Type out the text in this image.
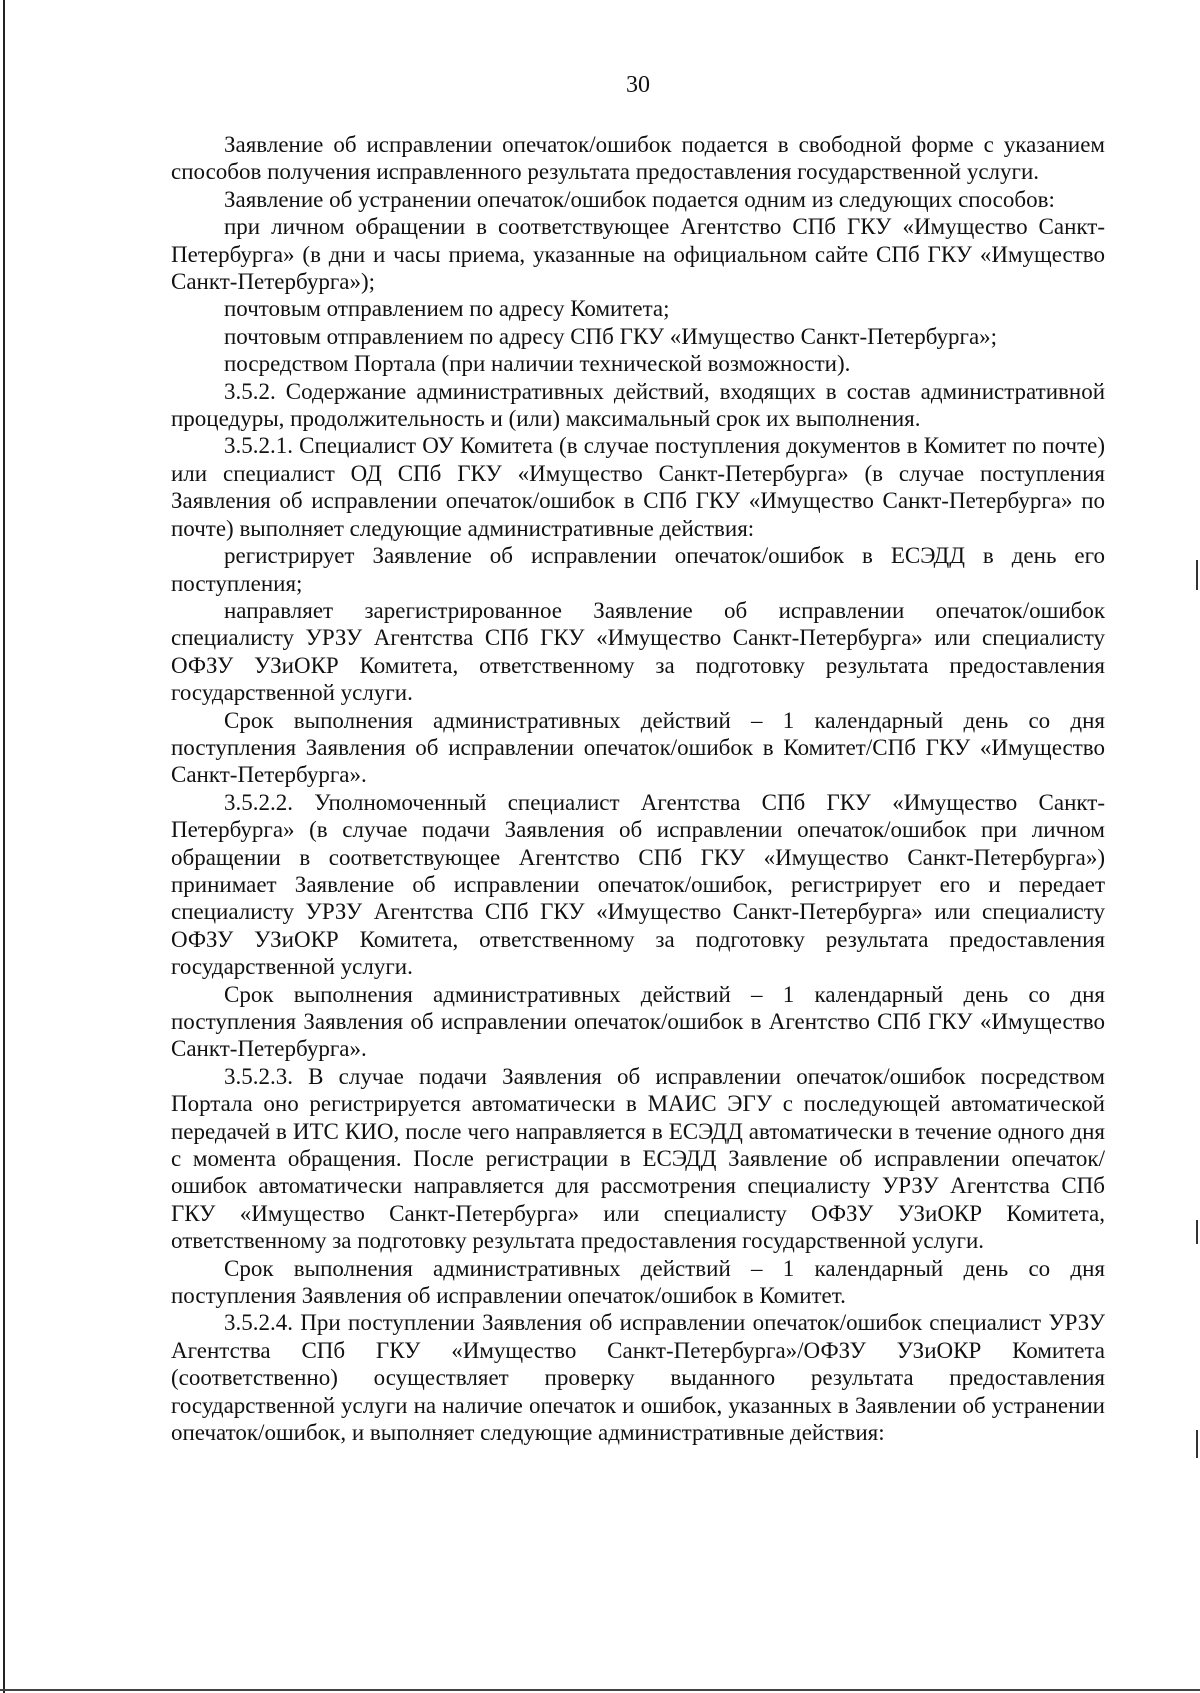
30

Заявление об исправлении опечаток/ошибок подается в свободной форме с указанием способов получения исправленного результата предоставления государственной услуги.

Заявление об устранении опечаток/ошибок подается одним из следующих способов:

при личном обращении в соответствующее Агентство СПб ГКУ «Имущество Санкт-Петербурга» (в дни и часы приема, указанные на официальном сайте СПб ГКУ «Имущество Санкт-Петербурга»);

почтовым отправлением по адресу Комитета;

почтовым отправлением по адресу СПб ГКУ «Имущество Санкт-Петербурга»;

посредством Портала (при наличии технической возможности).

3.5.2. Содержание административных действий, входящих в состав административной процедуры, продолжительность и (или) максимальный срок их выполнения.

3.5.2.1. Специалист ОУ Комитета (в случае поступления документов в Комитет по почте) или специалист ОД СПб ГКУ «Имущество Санкт-Петербурга» (в случае поступления Заявления об исправлении опечаток/ошибок в СПб ГКУ «Имущество Санкт-Петербурга» по почте) выполняет следующие административные действия:

регистрирует Заявление об исправлении опечаток/ошибок в ЕСЭДД в день его поступления;

направляет зарегистрированное Заявление об исправлении опечаток/ошибок специалисту УРЗУ Агентства СПб ГКУ «Имущество Санкт-Петербурга» или специалисту ОФЗУ УЗиОКР Комитета, ответственному за подготовку результата предоставления государственной услуги.

Срок выполнения административных действий – 1 календарный день со дня поступления Заявления об исправлении опечаток/ошибок в Комитет/СПб ГКУ «Имущество Санкт-Петербурга».

3.5.2.2. Уполномоченный специалист Агентства СПб ГКУ «Имущество Санкт-Петербурга» (в случае подачи Заявления об исправлении опечаток/ошибок при личном обращении в соответствующее Агентство СПб ГКУ «Имущество Санкт-Петербурга») принимает Заявление об исправлении опечаток/ошибок, регистрирует его и передает специалисту УРЗУ Агентства СПб ГКУ «Имущество Санкт-Петербурга» или специалисту ОФЗУ УЗиОКР Комитета, ответственному за подготовку результата предоставления государственной услуги.

Срок выполнения административных действий – 1 календарный день со дня поступления Заявления об исправлении опечаток/ошибок в Агентство СПб ГКУ «Имущество Санкт-Петербурга».

3.5.2.3. В случае подачи Заявления об исправлении опечаток/ошибок посредством Портала оно регистрируется автоматически в МАИС ЭГУ с последующей автоматической передачей в ИТС КИО, после чего направляется в ЕСЭДД автоматически в течение одного дня с момента обращения. После регистрации в ЕСЭДД Заявление об исправлении опечаток/ошибок автоматически направляется для рассмотрения специалисту УРЗУ Агентства СПб ГКУ «Имущество Санкт-Петербурга» или специалисту ОФЗУ УЗиОКР Комитета, ответственному за подготовку результата предоставления государственной услуги.

Срок выполнения административных действий – 1 календарный день со дня поступления Заявления об исправлении опечаток/ошибок в Комитет.

3.5.2.4. При поступлении Заявления об исправлении опечаток/ошибок специалист УРЗУ Агентства СПб ГКУ «Имущество Санкт-Петербурга»/ОФЗУ УЗиОКР Комитета (соответственно) осуществляет проверку выданного результата предоставления государственной услуги на наличие опечаток и ошибок, указанных в Заявлении об устранении опечаток/ошибок, и выполняет следующие административные действия:
